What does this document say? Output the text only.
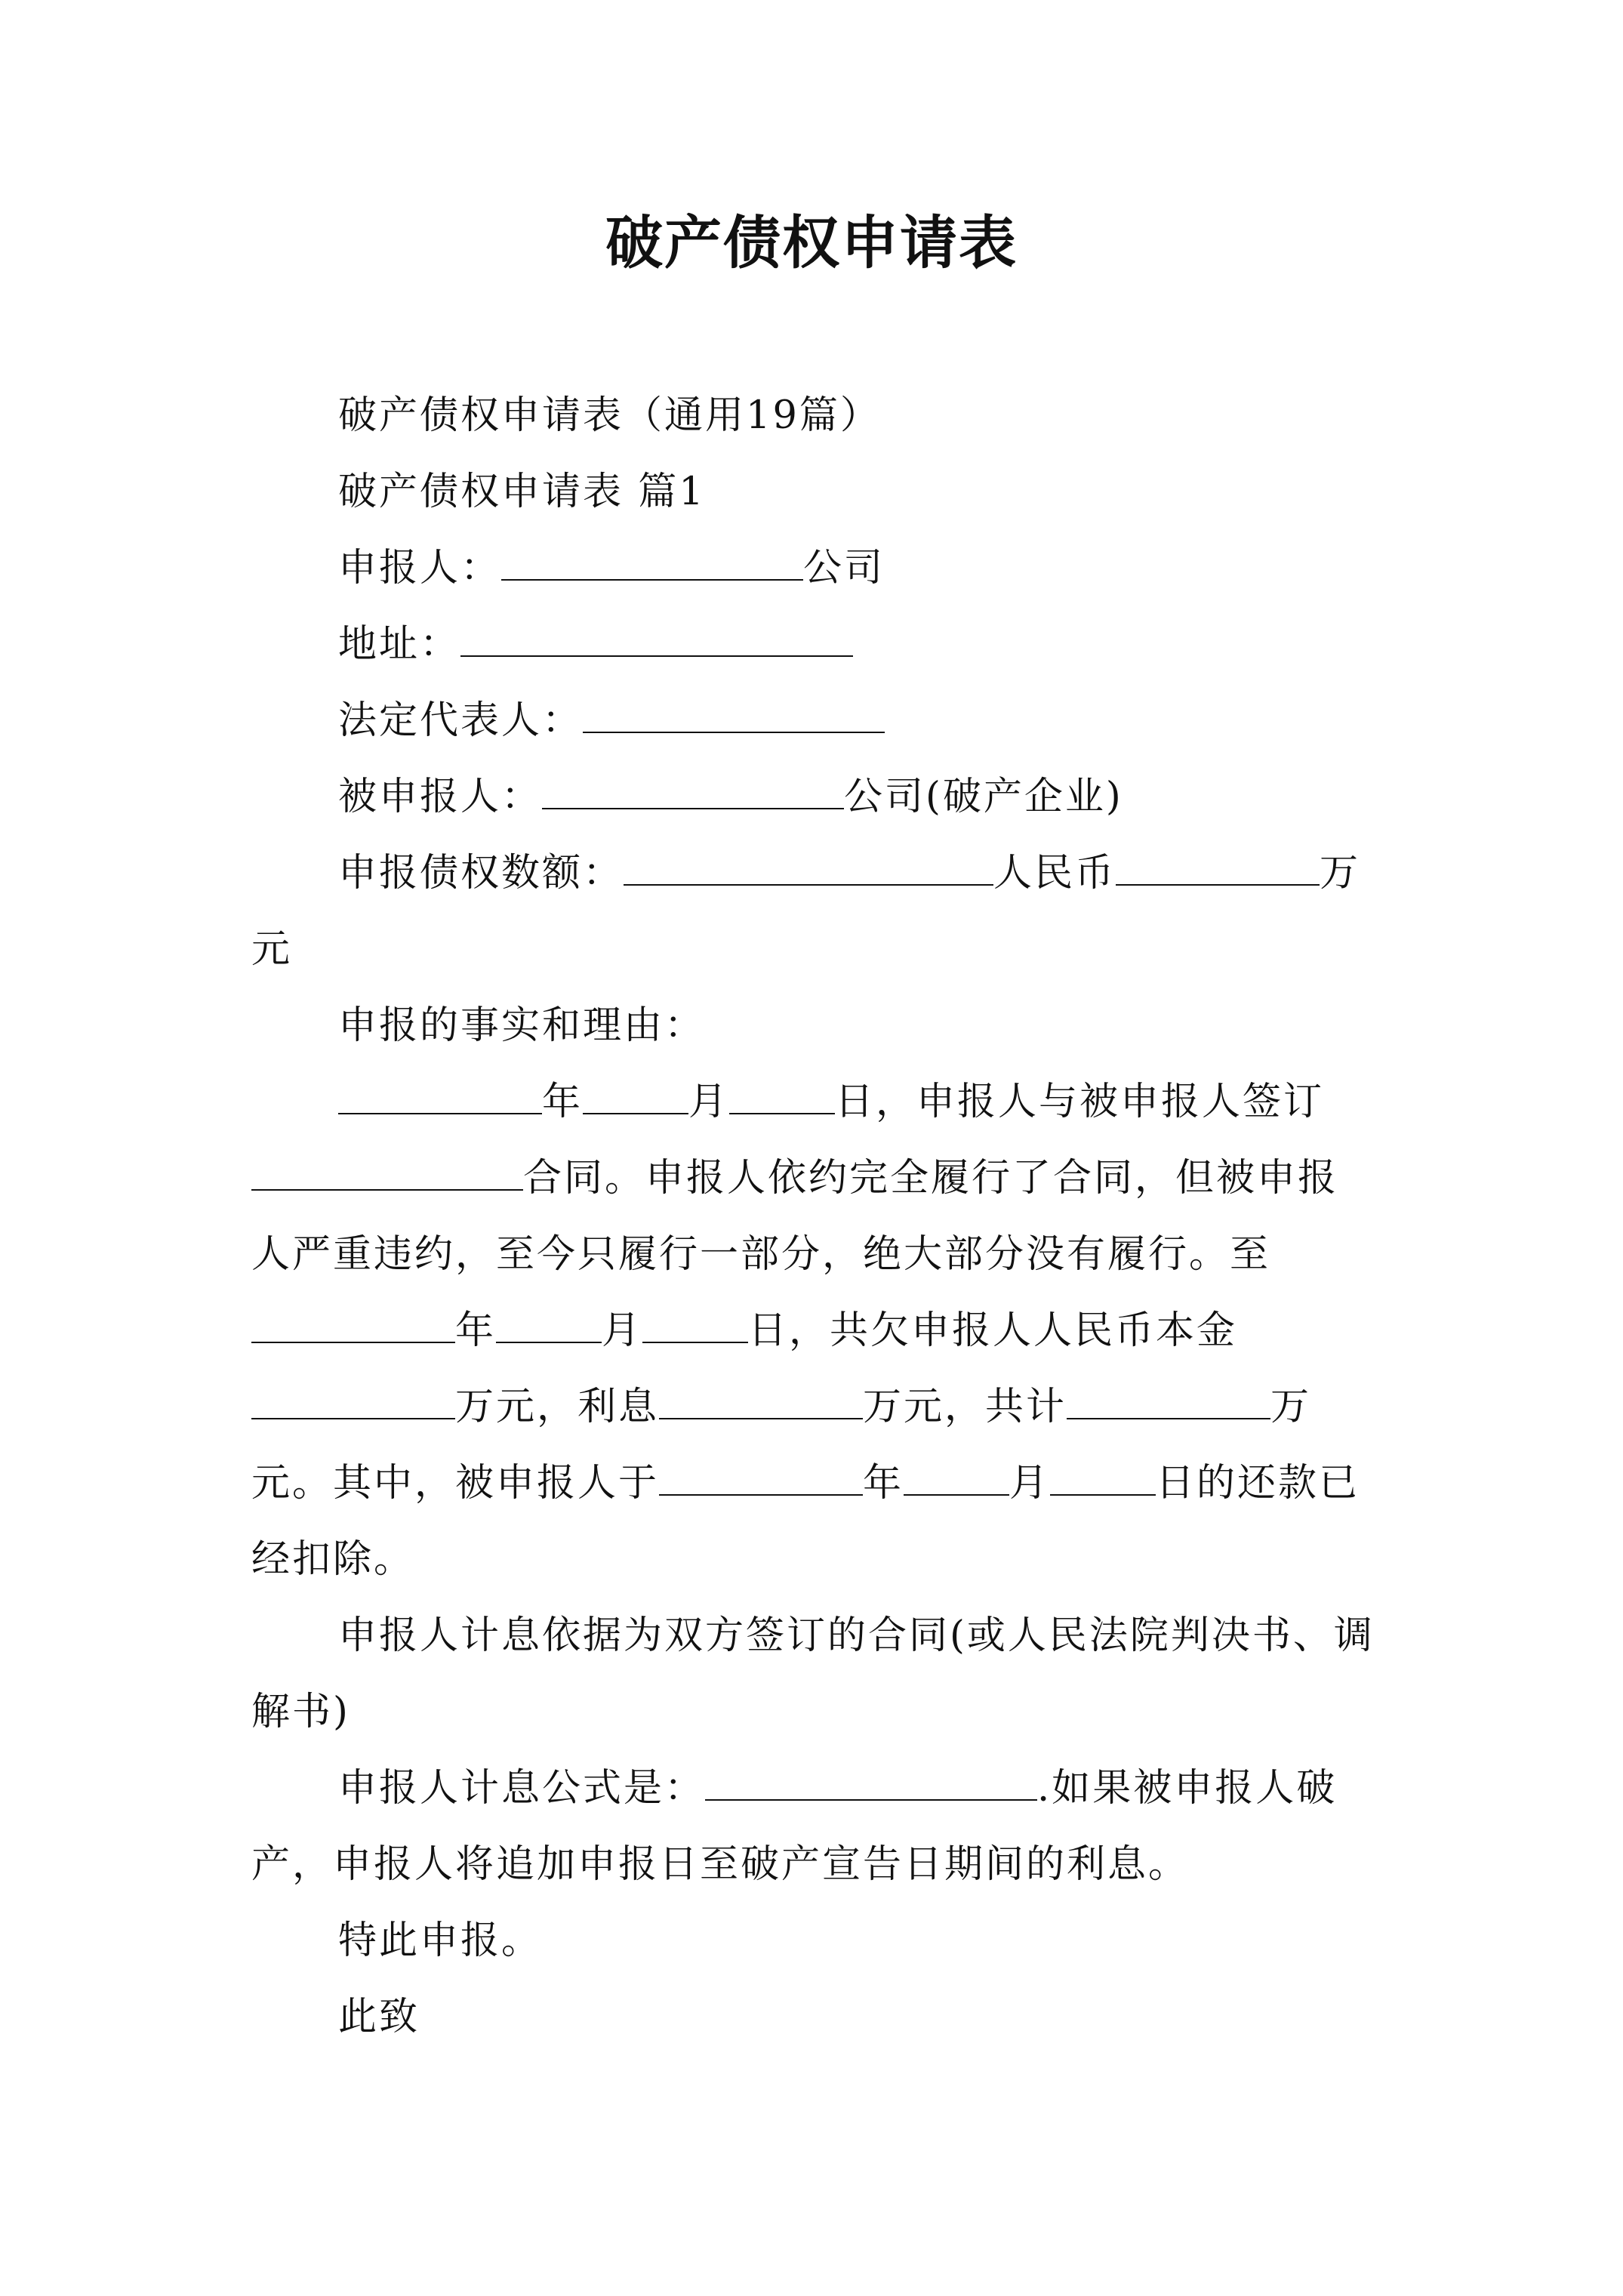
破产债权申请表

破产债权申请表（通用19篇）

破产债权申请表 篇1

申报人：	公司

地址：

法定代表人：

被申报人：	公司(破产企业)

申报债权数额：	人民币	万元

申报的事实和理由：

年	月	日，申报人与被申报人签订合同。申报人依约完全履行了合同，但被申报人严重违约，至今只履行一部分，绝大部分没有履行。至年	月	日，共欠申报人人民币本金万元，利息	万元，共计	万元。其中，被申报人于	年	月	日的还款已经扣除。

申报人计息依据为双方签订的合同(或人民法院判决书、调解书)

申报人计息公式是：	.如果被申报人破产，申报人将追加申报日至破产宣告日期间的利息。

特此申报。

此致
